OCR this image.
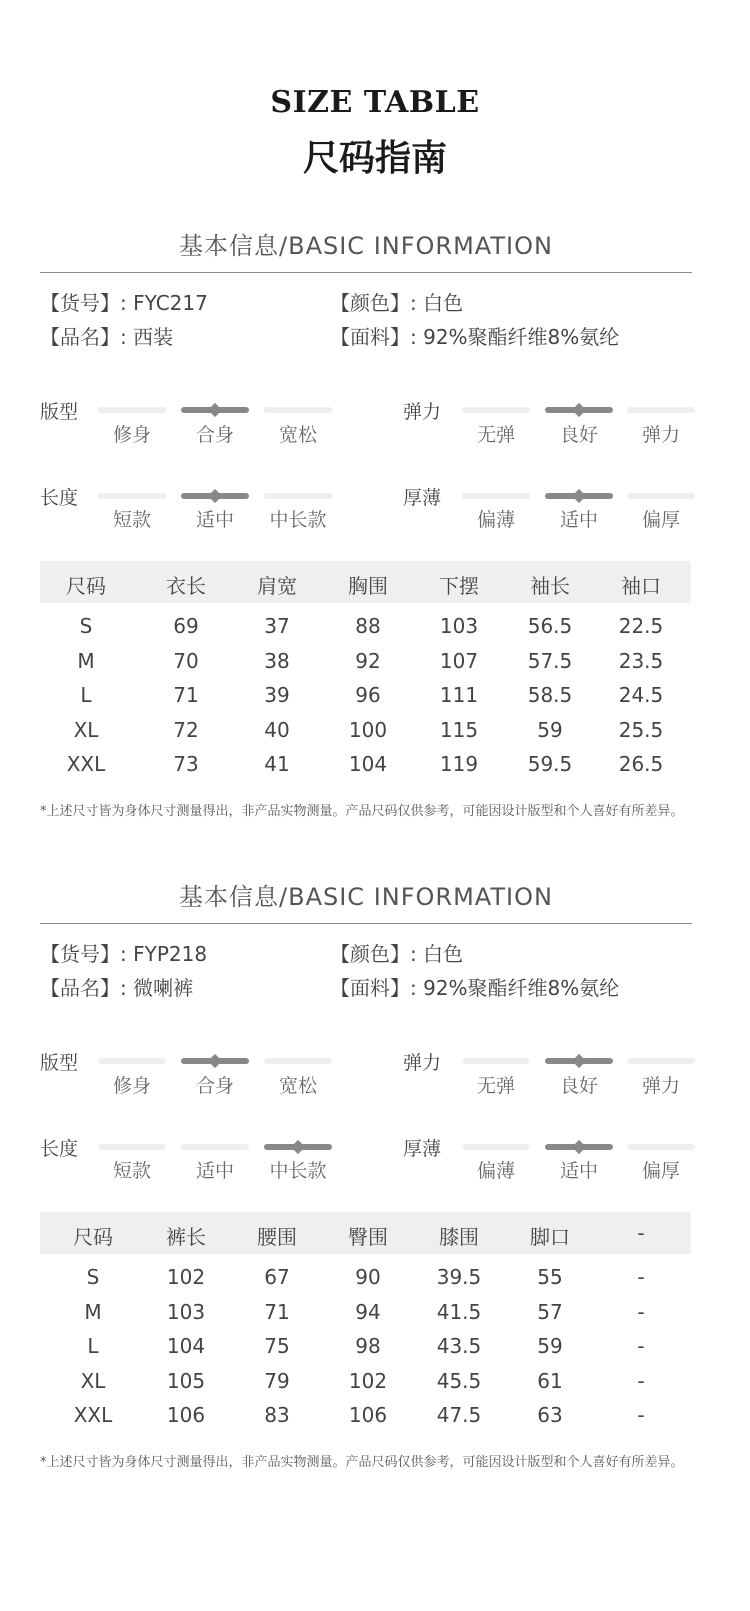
SIZE TABLE
尺码指南
基本信息/BASIC INFORMATION
【货号】: FYC217
【品名】: 西装
【颜色】: 白色
【面料】: 92%聚酯纤维8%氨纶
版型
修身	合身	宽松
弹力
无弹	良好	弹力
长度
短款	适中	中长款
厚薄
偏薄	适中	偏厚
尺码	衣长	肩宽	胸围	下摆	袖长	袖口
S	69	37	88	103	56.5	22.5
M	70	38	92	107	57.5	23.5
L	71	39	96	111	58.5	24.5
XL	72	40	100	115	59	25.5
XXL	73	41	104	119	59.5	26.5
*上述尺寸皆为身体尺寸测量得出，非产品实物测量。产品尺码仅供参考，可能因设计版型和个人喜好有所差异。
基本信息/BASIC INFORMATION
【货号】: FYP218
【品名】: 微喇裤
【颜色】: 白色
【面料】: 92%聚酯纤维8%氨纶
版型
修身	合身	宽松
弹力
无弹	良好	弹力
长度
短款	适中	中长款
厚薄
偏薄	适中	偏厚
尺码	裤长	腰围	臀围	膝围	脚口	-
S	102	67	90	39.5	55	-
M	103	71	94	41.5	57	-
L	104	75	98	43.5	59	-
XL	105	79	102	45.5	61	-
XXL	106	83	106	47.5	63	-
*上述尺寸皆为身体尺寸测量得出，非产品实物测量。产品尺码仅供参考，可能因设计版型和个人喜好有所差异。
